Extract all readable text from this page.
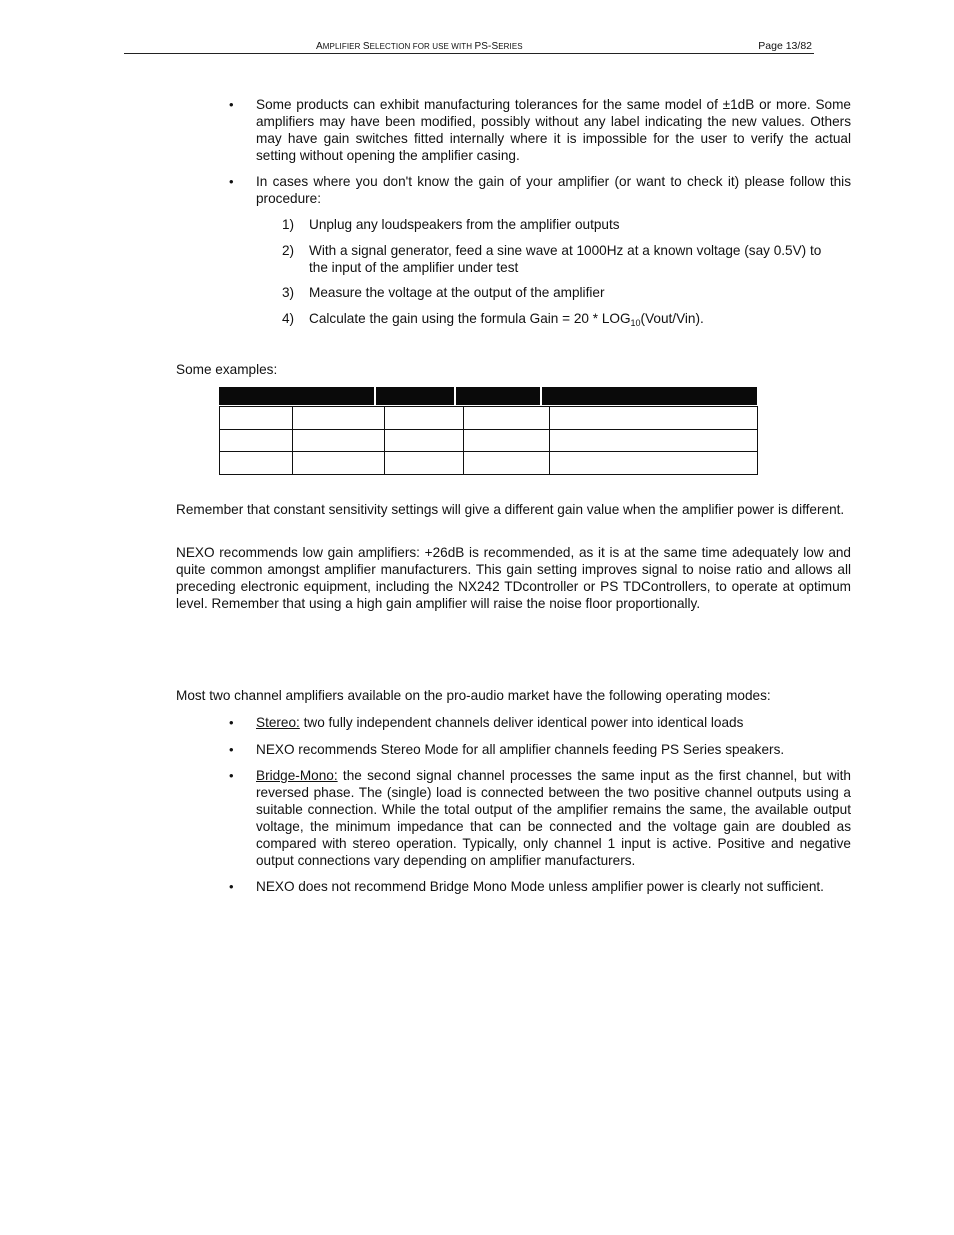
AMPLIFIER SELECTION FOR USE WITH PS-SERIES	Page 13/82
•	Some products can exhibit manufacturing tolerances for the same model of ±1dB or more. Some amplifiers may have been modified, possibly without any label indicating the new values. Others may have gain switches fitted internally where it is impossible for the user to verify the actual setting without opening the amplifier casing.
•	In cases where you don't know the gain of your amplifier (or want to check it) please follow this procedure:
1)	Unplug any loudspeakers from the amplifier outputs
2)	With a signal generator, feed a sine wave at 1000Hz at a known voltage (say 0.5V) to the input of the amplifier under test
3)	Measure the voltage at the output of the amplifier
4)	Calculate the gain using the formula Gain = $20 * LOG_{10}(Vout/Vin)$.
Some examples:

Remember that constant sensitivity settings will give a different gain value when the amplifier power is different.
NEXO recommends low gain amplifiers: +26dB is recommended, as it is at the same time adequately low and quite common amongst amplifier manufacturers. This gain setting improves signal to noise ratio and allows all preceding electronic equipment, including the NX242 TDcontroller or PS TDControllers, to operate at optimum level. Remember that using a high gain amplifier will raise the noise floor proportionally.
Most two channel amplifiers available on the pro-audio market have the following operating modes:
•	Stereo: two fully independent channels deliver identical power into identical loads
•	NEXO recommends Stereo Mode for all amplifier channels feeding PS Series speakers.
•	Bridge-Mono: the second signal channel processes the same input as the first channel, but with reversed phase. The (single) load is connected between the two positive channel outputs using a suitable connection. While the total output of the amplifier remains the same, the available output voltage, the minimum impedance that can be connected and the voltage gain are doubled as compared with stereo operation. Typically, only channel 1 input is active. Positive and negative output connections vary depending on amplifier manufacturers.
•	NEXO does not recommend Bridge Mono Mode unless amplifier power is clearly not sufficient.
